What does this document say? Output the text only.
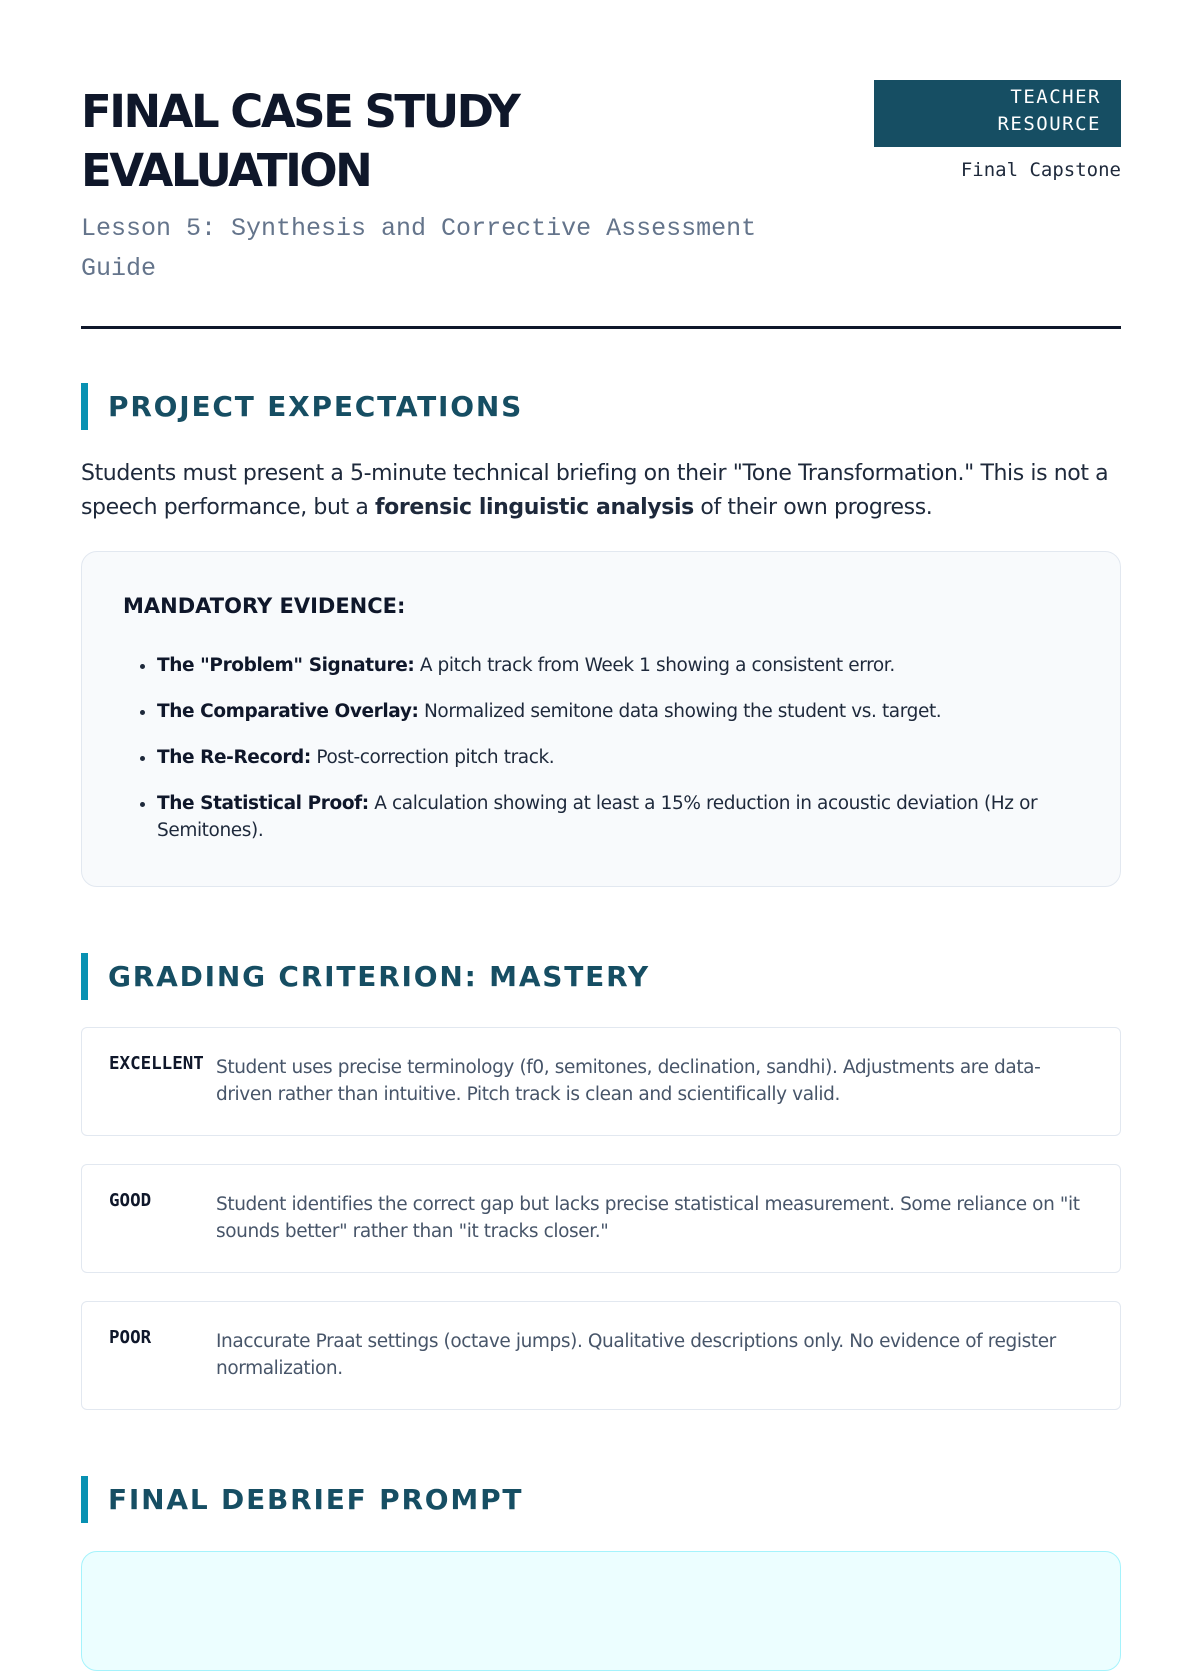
FINAL CASE STUDY
EVALUATION

Lesson 5: Synthesis and Corrective Assessment Guide

TEACHER
RESOURCE
Final Capstone
PROJECT EXPECTATIONS

Students must present a 5-minute technical briefing on their "Tone Transformation." This is not a speech performance, but a forensic linguistic analysis of their own progress.

MANDATORY EVIDENCE:
• The "Problem" Signature: A pitch track from Week 1 showing a consistent error.
• The Comparative Overlay: Normalized semitone data showing the student vs. target.
• The Re-Record: Post-correction pitch track.
• The Statistical Proof: A calculation showing at least a 15% reduction in acoustic deviation (Hz or Semitones).
GRADING CRITERION: MASTERY
EXCELLENT Student uses precise terminology (f0, semitones, declination, sandhi). Adjustments are data-driven rather than intuitive. Pitch track is clean and scientifically valid.
GOOD	Student identifies the correct gap but lacks precise statistical measurement. Some reliance on "it sounds better" rather than "it tracks closer."
POOR	Inaccurate Praat settings (octave jumps). Qualitative descriptions only. No evidence of register normalization.
FINAL DEBRIEF PROMPT
